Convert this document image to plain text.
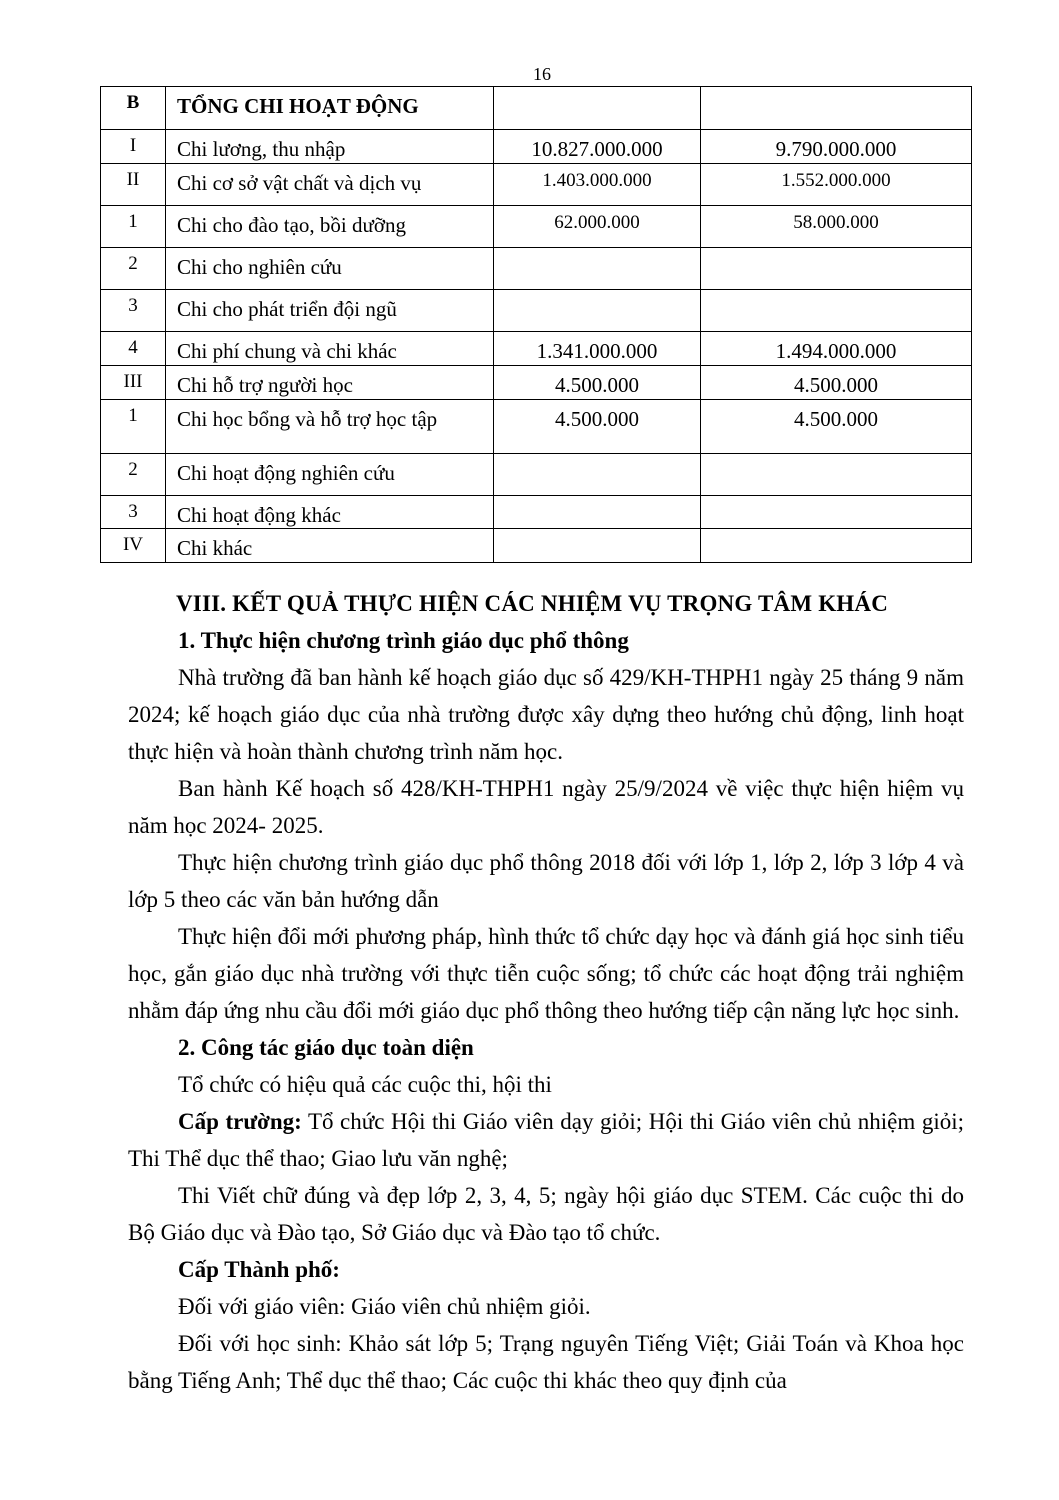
16
B	TỔNG CHI HOẠT ĐỘNG		
I	Chi lương, thu nhập	10.827.000.000	9.790.000.000
II	Chi cơ sở vật chất và dịch vụ	1.403.000.000	1.552.000.000
1	Chi cho đào tạo, bồi dưỡng	62.000.000	58.000.000
2	Chi cho nghiên cứu		
3	Chi cho phát triển đội ngũ		
4	Chi phí chung và chi khác	1.341.000.000	1.494.000.000
III	Chi hỗ trợ người học	4.500.000	4.500.000
1	Chi học bổng và hỗ trợ học tập	4.500.000	4.500.000
2	Chi hoạt động nghiên cứu		
3	Chi hoạt động khác		
IV	Chi khác		

VIII. KẾT QUẢ THỰC HIỆN CÁC NHIỆM VỤ TRỌNG TÂM KHÁC

1. Thực hiện chương trình giáo dục phổ thông

Nhà trường đã ban hành kế hoạch giáo dục số 429/KH-THPH1 ngày 25 tháng 9 năm 2024; kế hoạch giáo dục của nhà trường được xây dựng theo hướng chủ động, linh hoạt thực hiện và hoàn thành chương trình năm học.

Ban hành Kế hoạch số 428/KH-THPH1 ngày 25/9/2024 về việc thực hiện hiệm vụ năm học 2024- 2025.

Thực hiện chương trình giáo dục phổ thông 2018 đối với lớp 1, lớp 2, lớp 3 lớp 4 và lớp 5 theo các văn bản hướng dẫn

Thực hiện đổi mới phương pháp, hình thức tổ chức dạy học và đánh giá học sinh tiểu học, gắn giáo dục nhà trường với thực tiễn cuộc sống; tổ chức các hoạt động trải nghiệm nhằm đáp ứng nhu cầu đổi mới giáo dục phổ thông theo hướng tiếp cận năng lực học sinh.

2. Công tác giáo dục toàn diện

Tổ chức có hiệu quả các cuộc thi, hội thi

Cấp trường: Tổ chức Hội thi Giáo viên dạy giỏi; Hội thi Giáo viên chủ nhiệm giỏi; Thi Thể dục thể thao; Giao lưu văn nghệ;

Thi Viết chữ đúng và đẹp lớp 2, 3, 4, 5; ngày hội giáo dục STEM. Các cuộc thi do Bộ Giáo dục và Đào tạo, Sở Giáo dục và Đào tạo tổ chức.

Cấp Thành phố:

Đối với giáo viên: Giáo viên chủ nhiệm giỏi.

Đối với học sinh: Khảo sát lớp 5; Trạng nguyên Tiếng Việt; Giải Toán và Khoa học bằng Tiếng Anh; Thể dục thể thao; Các cuộc thi khác theo quy định của
